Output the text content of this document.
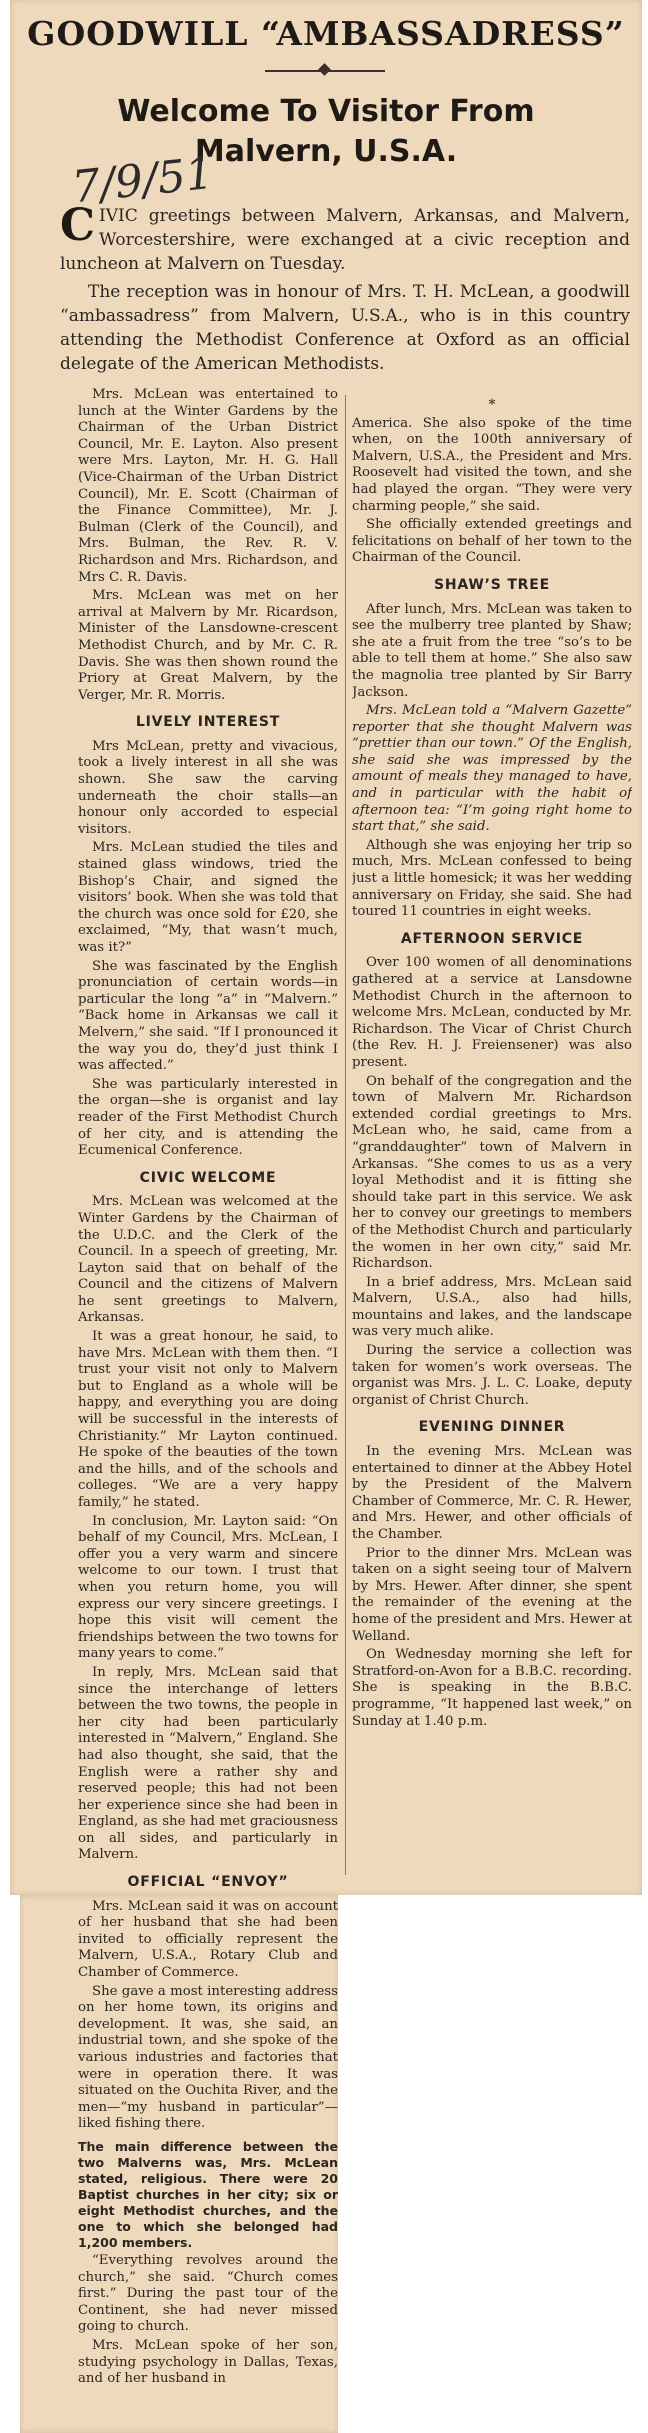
GOODWILL “AMBASSADRESS”
Welcome To Visitor From
Malvern, U.S.A.
7/9/51

CIVIC greetings between Malvern, Arkansas, and Malvern, Worcestershire, were exchanged at a civic reception and luncheon at Malvern on Tuesday.

The reception was in honour of Mrs. T. H. McLean, a goodwill “ambassadress” from Malvern, U.S.A., who is in this country attending the Methodist Conference at Oxford as an official delegate of the American Methodists.

Mrs. McLean was entertained to lunch at the Winter Gardens by the Chairman of the Urban District Council, Mr. E. Layton. Also present were Mrs. Layton, Mr. H. G. Hall (Vice-Chairman of the Urban District Council), Mr. E. Scott (Chairman of the Finance Committee), Mr. J. Bulman (Clerk of the Council), and Mrs. Bulman, the Rev. R. V. Richardson and Mrs. Richardson, and Mrs C. R. Davis.

Mrs. McLean was met on her arrival at Malvern by Mr. Ricardson, Minister of the Lansdowne-crescent Methodist Church, and by Mr. C. R. Davis. She was then shown round the Priory at Great Malvern, by the Verger, Mr. R. Morris.

LIVELY INTEREST

Mrs McLean, pretty and vivacious, took a lively interest in all she was shown. She saw the carving underneath the choir stalls—an honour only accorded to especial visitors.

Mrs. McLean studied the tiles and stained glass windows, tried the Bishop’s Chair, and signed the visitors’ book. When she was told that the church was once sold for £20, she exclaimed, “My, that wasn’t much, was it?”

She was fascinated by the English pronunciation of certain words—in particular the long “a” in “Malvern.” “Back home in Arkansas we call it Melvern,” she said. “If I pronounced it the way you do, they’d just think I was affected.”

She was particularly interested in the organ—she is organist and lay reader of the First Methodist Church of her city, and is attending the Ecumenical Conference.

CIVIC WELCOME

Mrs. McLean was welcomed at the Winter Gardens by the Chairman of the U.D.C. and the Clerk of the Council. In a speech of greeting, Mr. Layton said that on behalf of the Council and the citizens of Malvern he sent greetings to Malvern, Arkansas.

It was a great honour, he said, to have Mrs. McLean with them then. “I trust your visit not only to Malvern but to England as a whole will be happy, and everything you are doing will be successful in the interests of Christianity.” Mr Layton continued. He spoke of the beauties of the town and the hills, and of the schools and colleges. “We are a very happy family,” he stated.

In conclusion, Mr. Layton said: “On behalf of my Council, Mrs. McLean, I offer you a very warm and sincere welcome to our town. I trust that when you return home, you will express our very sincere greetings. I hope this visit will cement the friendships between the two towns for many years to come.”

In reply, Mrs. McLean said that since the interchange of letters between the two towns, the people in her city had been particularly interested in “Malvern,” England. She had also thought, she said, that the English were a rather shy and reserved people; this had not been her experience since she had been in England, as she had met graciousness on all sides, and particularly in Malvern.

OFFICIAL “ENVOY”

Mrs. McLean said it was on account of her husband that she had been invited to officially represent the Malvern, U.S.A., Rotary Club and Chamber of Commerce.

She gave a most interesting address on her home town, its origins and development. It was, she said, an industrial town, and she spoke of the various industries and factories that were in operation there. It was situated on the Ouchita River, and the men—“my husband in particular”—liked fishing there.

The main difference between the two Malverns was, Mrs. McLean stated, religious. There were 20 Baptist churches in her city; six or eight Methodist churches, and the one to which she belonged had 1,200 members.

“Everything revolves around the church,” she said. “Church comes first.” During the past tour of the Continent, she had never missed going to church.

Mrs. McLean spoke of her son, studying psychology in Dallas, Texas, and of her husband in

*

America. She also spoke of the time when, on the 100th anniversary of Malvern, U.S.A., the President and Mrs. Roosevelt had visited the town, and she had played the organ. “They were very charming people,” she said.

She officially extended greetings and felicitations on behalf of her town to the Chairman of the Council.

SHAW’S TREE

After lunch, Mrs. McLean was taken to see the mulberry tree planted by Shaw; she ate a fruit from the tree “so’s to be able to tell them at home.” She also saw the magnolia tree planted by Sir Barry Jackson.

Mrs. McLean told a “Malvern Gazette” reporter that she thought Malvern was “prettier than our town.” Of the English, she said she was impressed by the amount of meals they managed to have, and in particular with the habit of afternoon tea: “I’m going right home to start that,” she said.

Although she was enjoying her trip so much, Mrs. McLean confessed to being just a little homesick; it was her wedding anniversary on Friday, she said. She had toured 11 countries in eight weeks.

AFTERNOON SERVICE

Over 100 women of all denominations gathered at a service at Lansdowne Methodist Church in the afternoon to welcome Mrs. McLean, conducted by Mr. Richardson. The Vicar of Christ Church (the Rev. H. J. Freiensener) was also present.

On behalf of the congregation and the town of Malvern Mr. Richardson extended cordial greetings to Mrs. McLean who, he said, came from a “granddaughter” town of Malvern in Arkansas. “She comes to us as a very loyal Methodist and it is fitting she should take part in this service. We ask her to convey our greetings to members of the Methodist Church and particularly the women in her own city,” said Mr. Richardson.

In a brief address, Mrs. McLean said Malvern, U.S.A., also had hills, mountains and lakes, and the landscape was very much alike.

During the service a collection was taken for women’s work overseas. The organist was Mrs. J. L. C. Loake, deputy organist of Christ Church.

EVENING DINNER

In the evening Mrs. McLean was entertained to dinner at the Abbey Hotel by the President of the Malvern Chamber of Commerce, Mr. C. R. Hewer, and Mrs. Hewer, and other officials of the Chamber.

Prior to the dinner Mrs. McLean was taken on a sight seeing tour of Malvern by Mrs. Hewer. After dinner, she spent the remainder of the evening at the home of the president and Mrs. Hewer at Welland.

On Wednesday morning she left for Stratford-on-Avon for a B.B.C. recording. She is speaking in the B.B.C. programme, “It happened last week,” on Sunday at 1.40 p.m.
